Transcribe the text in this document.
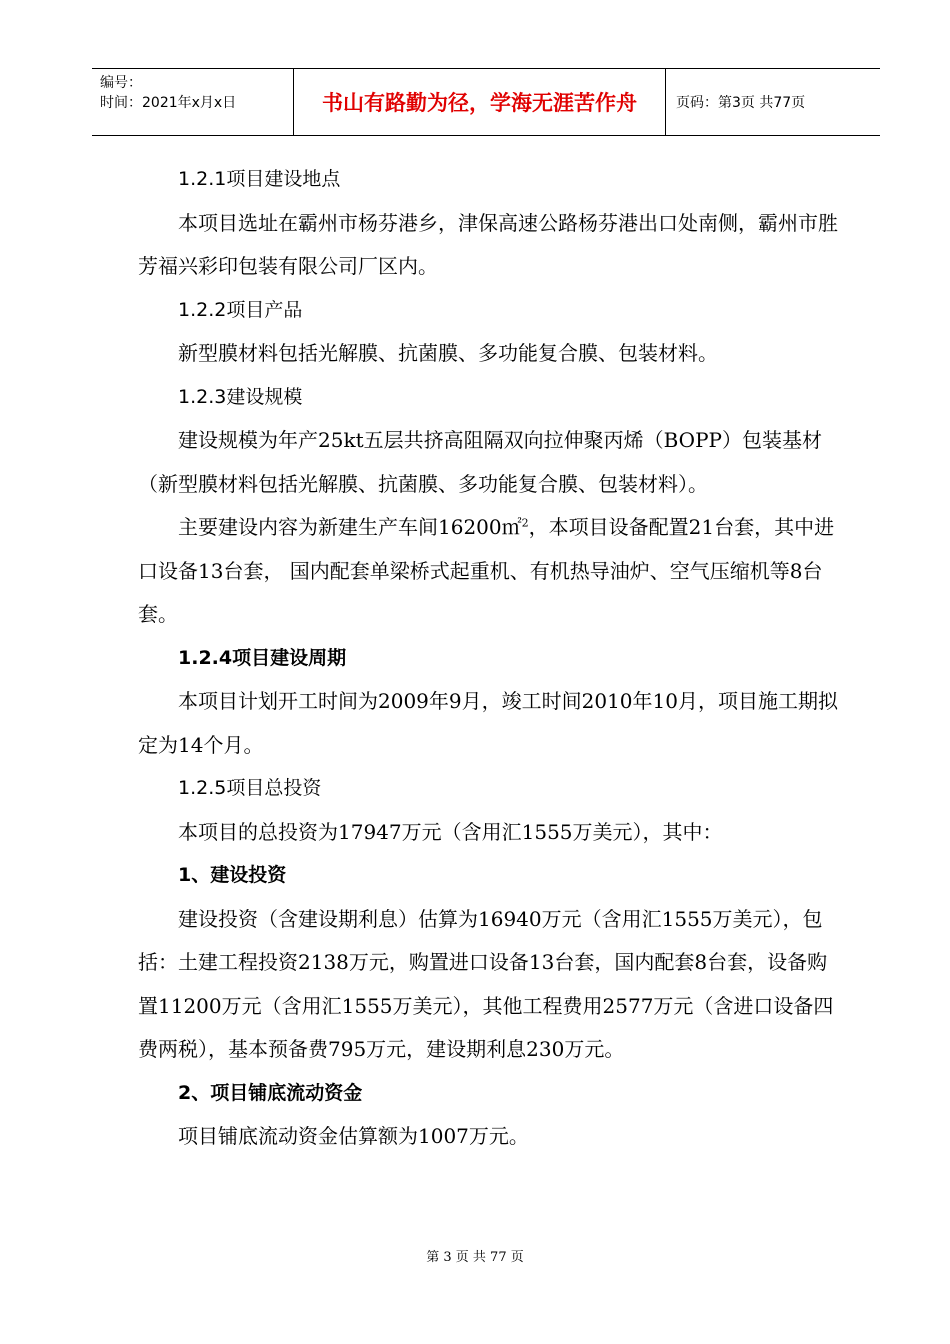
编号：
时间：2021年x月x日	书山有路勤为径，学海无涯苦作舟	页码：第3页 共77页

1.2.1项目建设地点

本项目选址在霸州市杨芬港乡，津保高速公路杨芬港出口处南侧，霸州市胜芳福兴彩印包装有限公司厂区内。

1.2.2项目产品

新型膜材料包括光解膜、抗菌膜、多功能复合膜、包装材料。

1.2.3建设规模

建设规模为年产25kt五层共挤高阻隔双向拉伸聚丙烯（BOPP）包装基材（新型膜材料包括光解膜、抗菌膜、多功能复合膜、包装材料）。

主要建设内容为新建生产车间16200㎡$^2$，本项目设备配置21台套，其中进口设备13台套， 国内配套单梁桥式起重机、有机热导油炉、空气压缩机等8台套。

1.2.4项目建设周期

本项目计划开工时间为2009年9月，竣工时间2010年10月，项目施工期拟定为14个月。

1.2.5项目总投资

本项目的总投资为17947万元（含用汇1555万美元），其中：

1、建设投资

建设投资（含建设期利息）估算为16940万元（含用汇1555万美元），包括：土建工程投资2138万元，购置进口设备13台套，国内配套8台套，设备购置11200万元（含用汇1555万美元），其他工程费用2577万元（含进口设备四费两税），基本预备费795万元，建设期利息230万元。

2、项目铺底流动资金

项目铺底流动资金估算额为1007万元。

第 3 页 共 77 页
